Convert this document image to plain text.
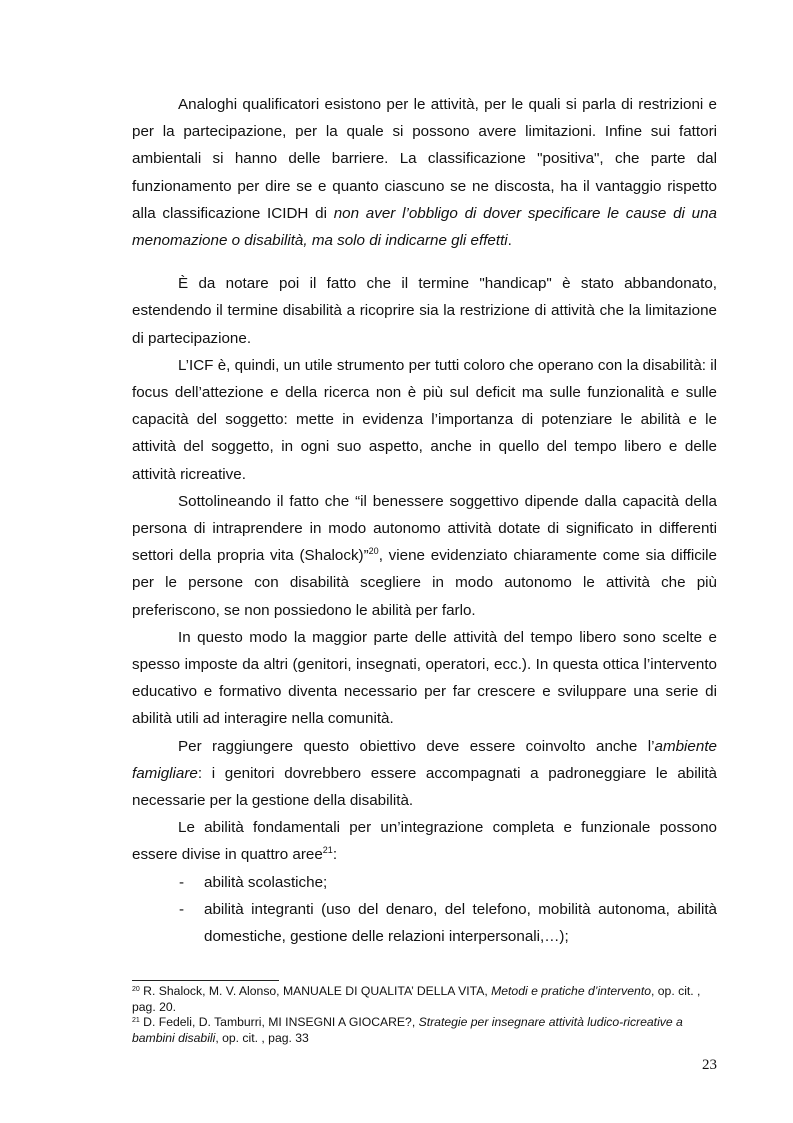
Analoghi qualificatori esistono per le attività, per le quali si parla di restrizioni e per la partecipazione, per la quale si possono avere limitazioni. Infine sui fattori ambientali si hanno delle barriere. La classificazione "positiva", che parte dal funzionamento per dire se e quanto ciascuno se ne discosta, ha il vantaggio rispetto alla classificazione ICIDH di non aver l’obbligo di dover specificare le cause di una menomazione o disabilità, ma solo di indicarne gli effetti.

È da notare poi il fatto che il termine "handicap" è stato abbandonato, estendendo il termine disabilità a ricoprire sia la restrizione di attività che la limitazione di partecipazione.

L’ICF è, quindi, un utile strumento per tutti coloro che operano con la disabilità: il focus dell’attezione e della ricerca non è più sul deficit ma sulle funzionalità e sulle capacità del soggetto: mette in evidenza l’importanza di potenziare le abilità e le attività del soggetto, in ogni suo aspetto, anche in quello del tempo libero e delle attività ricreative.

Sottolineando il fatto che “il benessere soggettivo dipende dalla capacità della persona di intraprendere in modo autonomo attività dotate di significato in differenti settori della propria vita (Shalock)”$^{20}$, viene evidenziato chiaramente come sia difficile per le persone con disabilità scegliere in modo autonomo le attività che più preferiscono, se non possiedono le abilità per farlo.

In questo modo la maggior parte delle attività del tempo libero sono scelte e spesso imposte da altri (genitori, insegnati, operatori, ecc.). In questa ottica l’intervento educativo e formativo diventa necessario per far crescere e sviluppare una serie di abilità utili ad interagire nella comunità.

Per raggiungere questo obiettivo deve essere coinvolto anche l’ambiente famigliare: i genitori dovrebbero essere accompagnati a padroneggiare le abilità necessarie per la gestione della disabilità.

Le abilità fondamentali per un’integrazione completa e funzionale possono essere divise in quattro aree$^{21}$:

- abilità scolastiche;
- abilità integranti (uso del denaro, del telefono, mobilità autonoma, abilità domestiche, gestione delle relazioni interpersonali,…);

$^{20}$ R. Shalock, M. V. Alonso, MANUALE DI QUALITA’ DELLA VITA, Metodi e pratiche d’intervento, op. cit. , pag. 20.

$^{21}$ D. Fedeli, D. Tamburri, MI INSEGNI A GIOCARE?, Strategie per insegnare attività ludico-ricreative a bambini disabili, op. cit. , pag. 33

23
